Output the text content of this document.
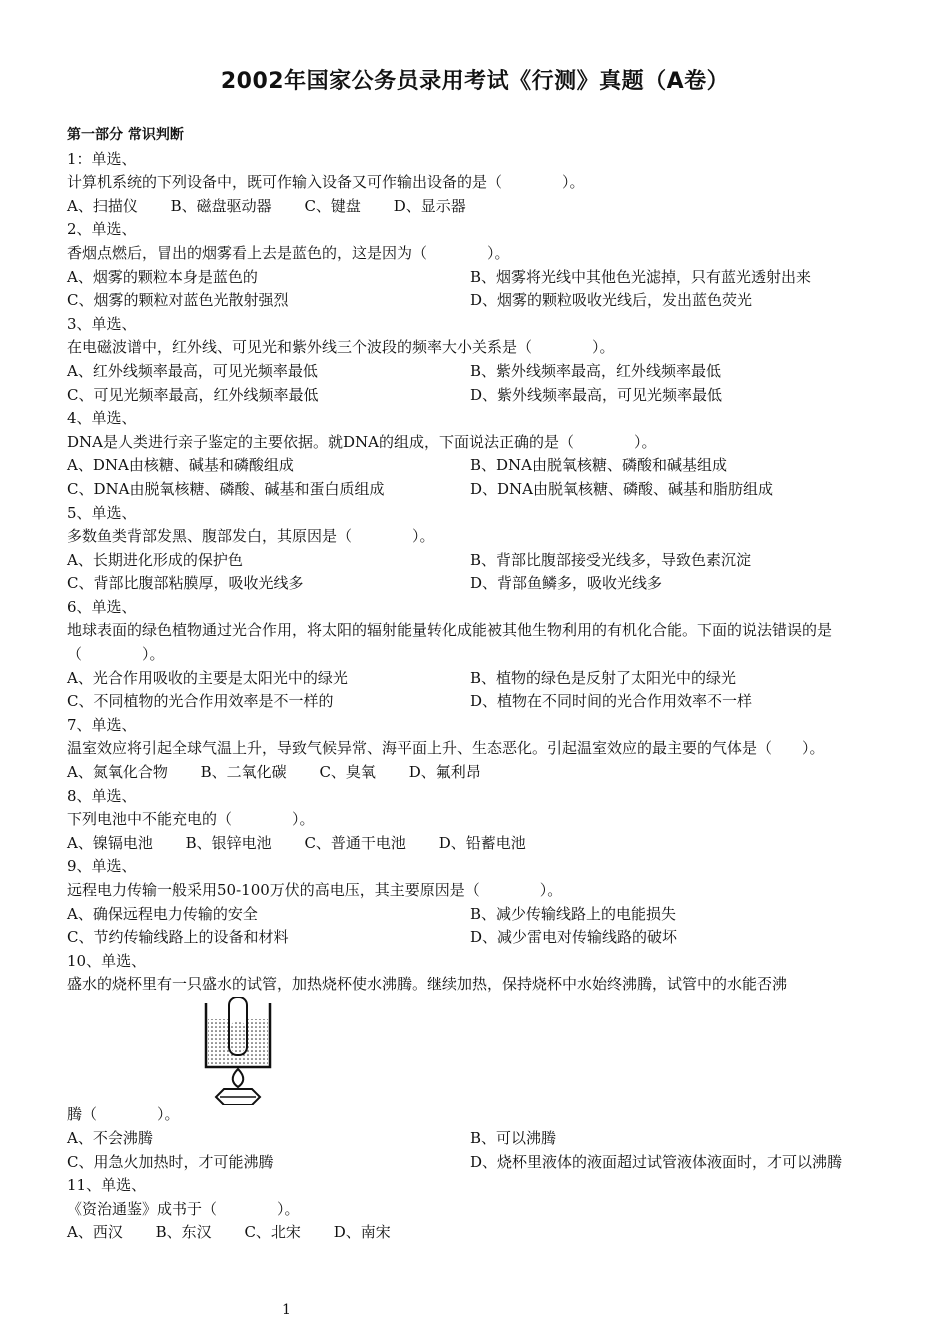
2002年国家公务员录用考试《行测》真题（A卷）
第一部分 常识判断
1：单选、
计算机系统的下列设备中，既可作输入设备又可作输出设备的是（　　　　）。
A、扫描仪 B、磁盘驱动器 C、键盘 D、显示器
2、单选、
香烟点燃后，冒出的烟雾看上去是蓝色的，这是因为（　　　　）。
A、烟雾的颗粒本身是蓝色的	B、烟雾将光线中其他色光滤掉，只有蓝光透射出来
C、烟雾的颗粒对蓝色光散射强烈	D、烟雾的颗粒吸收光线后，发出蓝色荧光
3、单选、
在电磁波谱中，红外线、可见光和紫外线三个波段的频率大小关系是（　　　　）。
A、红外线频率最高，可见光频率最低	B、紫外线频率最高，红外线频率最低
C、可见光频率最高，红外线频率最低	D、紫外线频率最高，可见光频率最低
4、单选、
DNA是人类进行亲子鉴定的主要依据。就DNA的组成，下面说法正确的是（　　　　）。
A、DNA由核糖、碱基和磷酸组成	B、DNA由脱氧核糖、磷酸和碱基组成
C、DNA由脱氧核糖、磷酸、碱基和蛋白质组成	D、DNA由脱氧核糖、磷酸、碱基和脂肪组成
5、单选、
多数鱼类背部发黑、腹部发白，其原因是（　　　　）。
A、长期进化形成的保护色	B、背部比腹部接受光线多，导致色素沉淀
C、背部比腹部粘膜厚，吸收光线多	D、背部鱼鳞多，吸收光线多
6、单选、
地球表面的绿色植物通过光合作用，将太阳的辐射能量转化成能被其他生物利用的有机化合能。下面的说法错误的是（　　　　）。
A、光合作用吸收的主要是太阳光中的绿光	B、植物的绿色是反射了太阳光中的绿光
C、不同植物的光合作用效率是不一样的	D、植物在不同时间的光合作用效率不一样
7、单选、
温室效应将引起全球气温上升，导致气候异常、海平面上升、生态恶化。引起温室效应的最主要的气体是（　　）。
A、氮氧化合物 B、二氧化碳 C、臭氧 D、氟利昂
8、单选、
下列电池中不能充电的（　　　　）。
A、镍镉电池 B、银锌电池 C、普通干电池 D、铅蓄电池
9、单选、
远程电力传输一般采用50-100万伏的高电压，其主要原因是（　　　　）。
A、确保远程电力传输的安全	B、减少传输线路上的电能损失
C、节约传输线路上的设备和材料	D、减少雷电对传输线路的破坏
10、单选、
盛水的烧杯里有一只盛水的试管，加热烧杯使水沸腾。继续加热，保持烧杯中水始终沸腾，试管中的水能否沸
腾（　　　　）。
A、不会沸腾	B、可以沸腾
C、用急火加热时，才可能沸腾	D、烧杯里液体的液面超过试管液体液面时，才可以沸腾
11、单选、
《资治通鉴》成书于（　　　　）。
A、西汉 B、东汉 C、北宋 D、南宋
1
